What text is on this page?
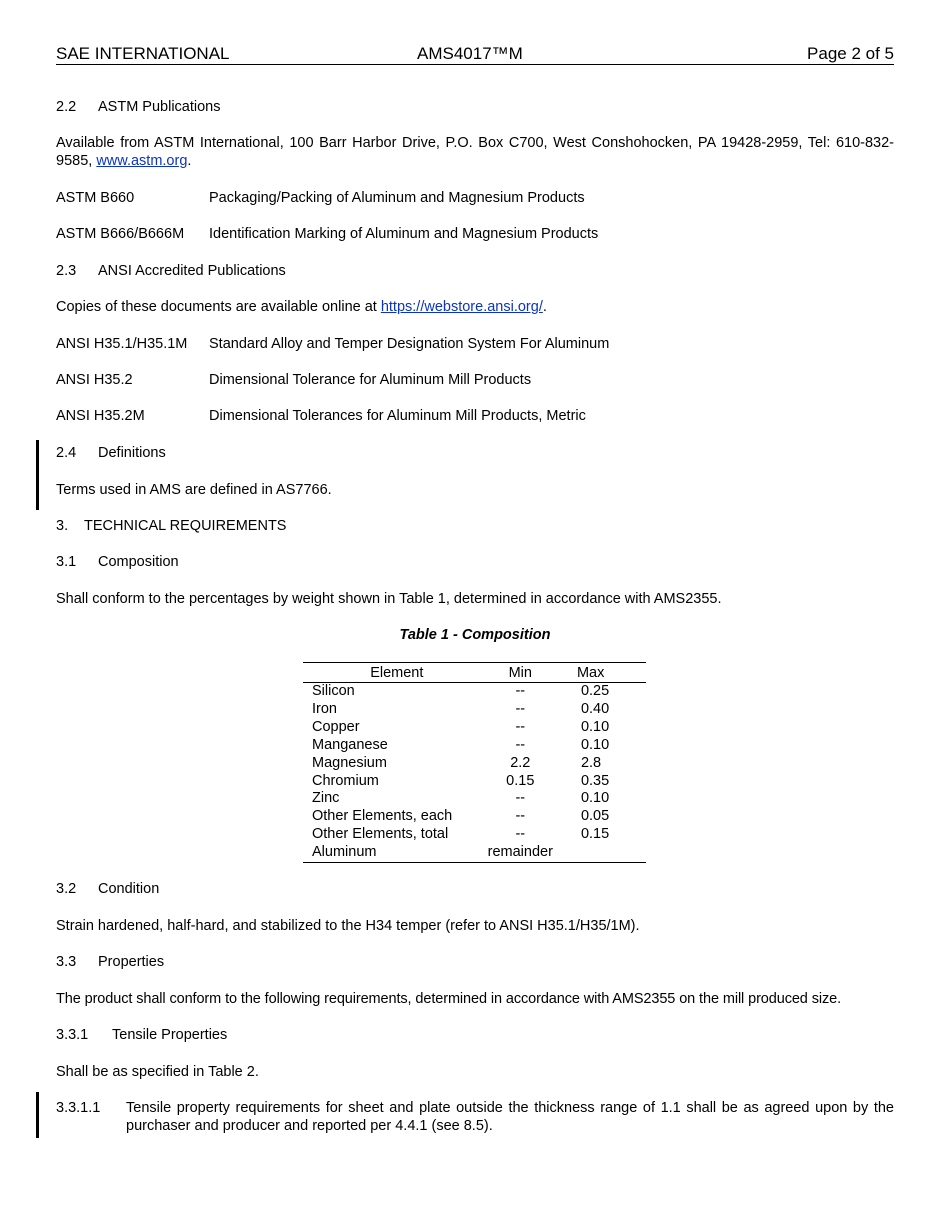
SAE INTERNATIONAL	AMS4017™M	Page 2 of 5
2.2 ASTM Publications
Available from ASTM International, 100 Barr Harbor Drive, P.O. Box C700, West Conshohocken, PA 19428-2959, Tel: 610-832-9585, www.astm.org.
ASTM B660	Packaging/Packing of Aluminum and Magnesium Products
ASTM B666/B666M Identification Marking of Aluminum and Magnesium Products
2.3 ANSI Accredited Publications
Copies of these documents are available online at https://webstore.ansi.org/.
ANSI H35.1/H35.1M Standard Alloy and Temper Designation System For Aluminum
ANSI H35.2	Dimensional Tolerance for Aluminum Mill Products
ANSI H35.2M	Dimensional Tolerances for Aluminum Mill Products, Metric
2.4 Definitions
Terms used in AMS are defined in AS7766.
3. TECHNICAL REQUIREMENTS
3.1 Composition
Shall conform to the percentages by weight shown in Table 1, determined in accordance with AMS2355.
Table 1 - Composition
Element	Min	Max
Silicon	--	0.25
Iron	--	0.40
Copper	--	0.10
Manganese	--	0.10
Magnesium	2.2	2.8
Chromium	0.15	0.35
Zinc	--	0.10
Other Elements, each	--	0.05
Other Elements, total	--	0.15
Aluminum	remainder	
3.2 Condition
Strain hardened, half-hard, and stabilized to the H34 temper (refer to ANSI H35.1/H35/1M).
3.3 Properties
The product shall conform to the following requirements, determined in accordance with AMS2355 on the mill produced size.
3.3.1 Tensile Properties
Shall be as specified in Table 2.
3.3.1.1 Tensile property requirements for sheet and plate outside the thickness range of 1.1 shall be as agreed upon by the purchaser and producer and reported per 4.4.1 (see 8.5).
